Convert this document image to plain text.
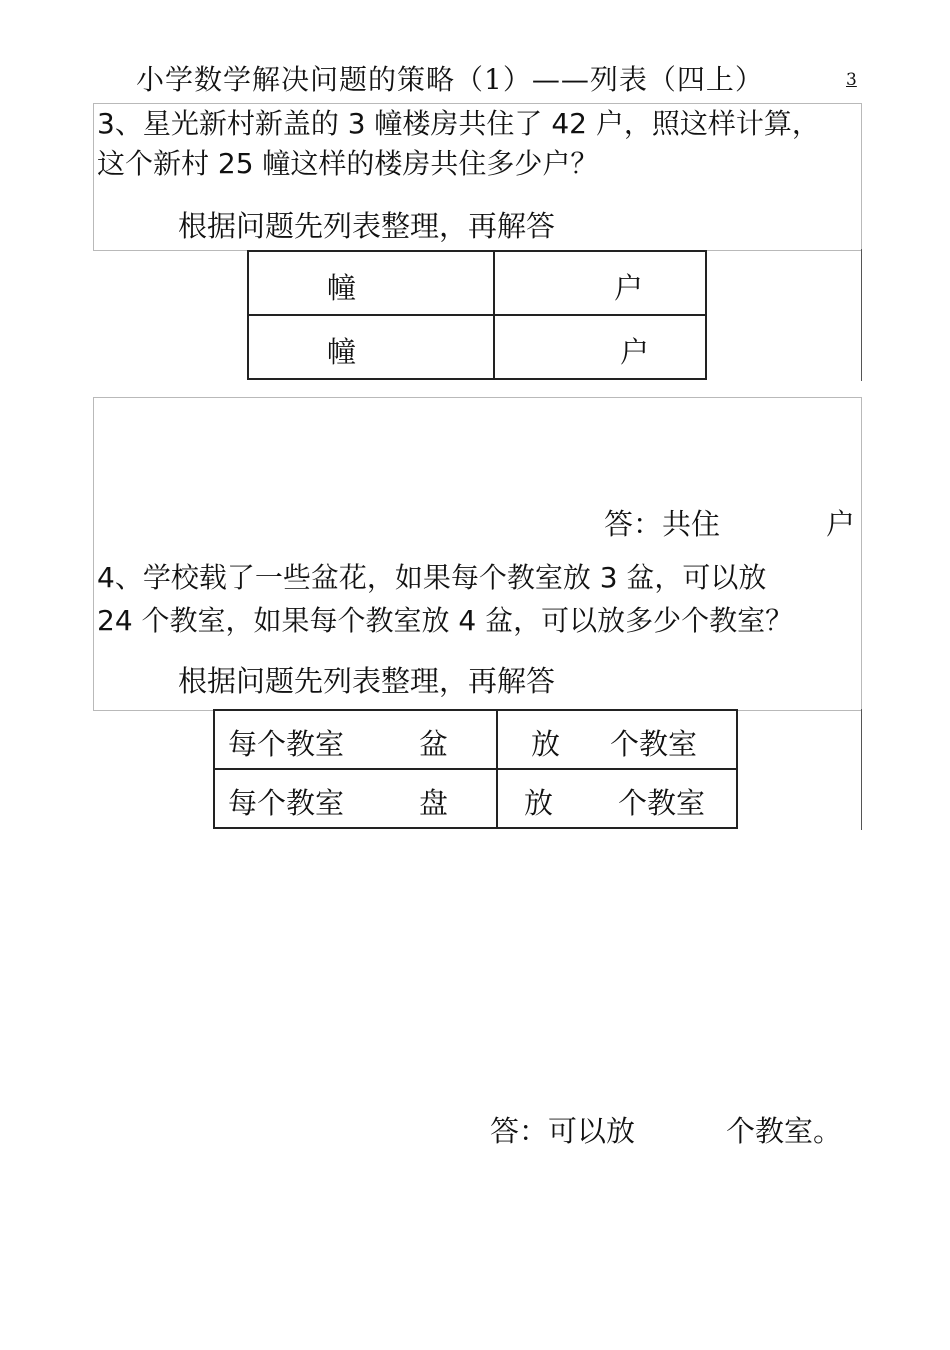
小学数学解决问题的策略（1）——列表（四上）	3
3、星光新村新盖的 3 幢楼房共住了 42 户，照这样计算，
这个新村 25 幢这样的楼房共住多少户？
根据问题先列表整理，再解答
幢	户

幢	户
答：共住	户
4、学校载了一些盆花，如果每个教室放 3 盆，可以放
24 个教室，如果每个教室放 4 盆，可以放多少个教室？
根据问题先列表整理，再解答
每个教室 盆	放 个教室

每个教室 盘	放 个教室
答：可以放	个教室。
